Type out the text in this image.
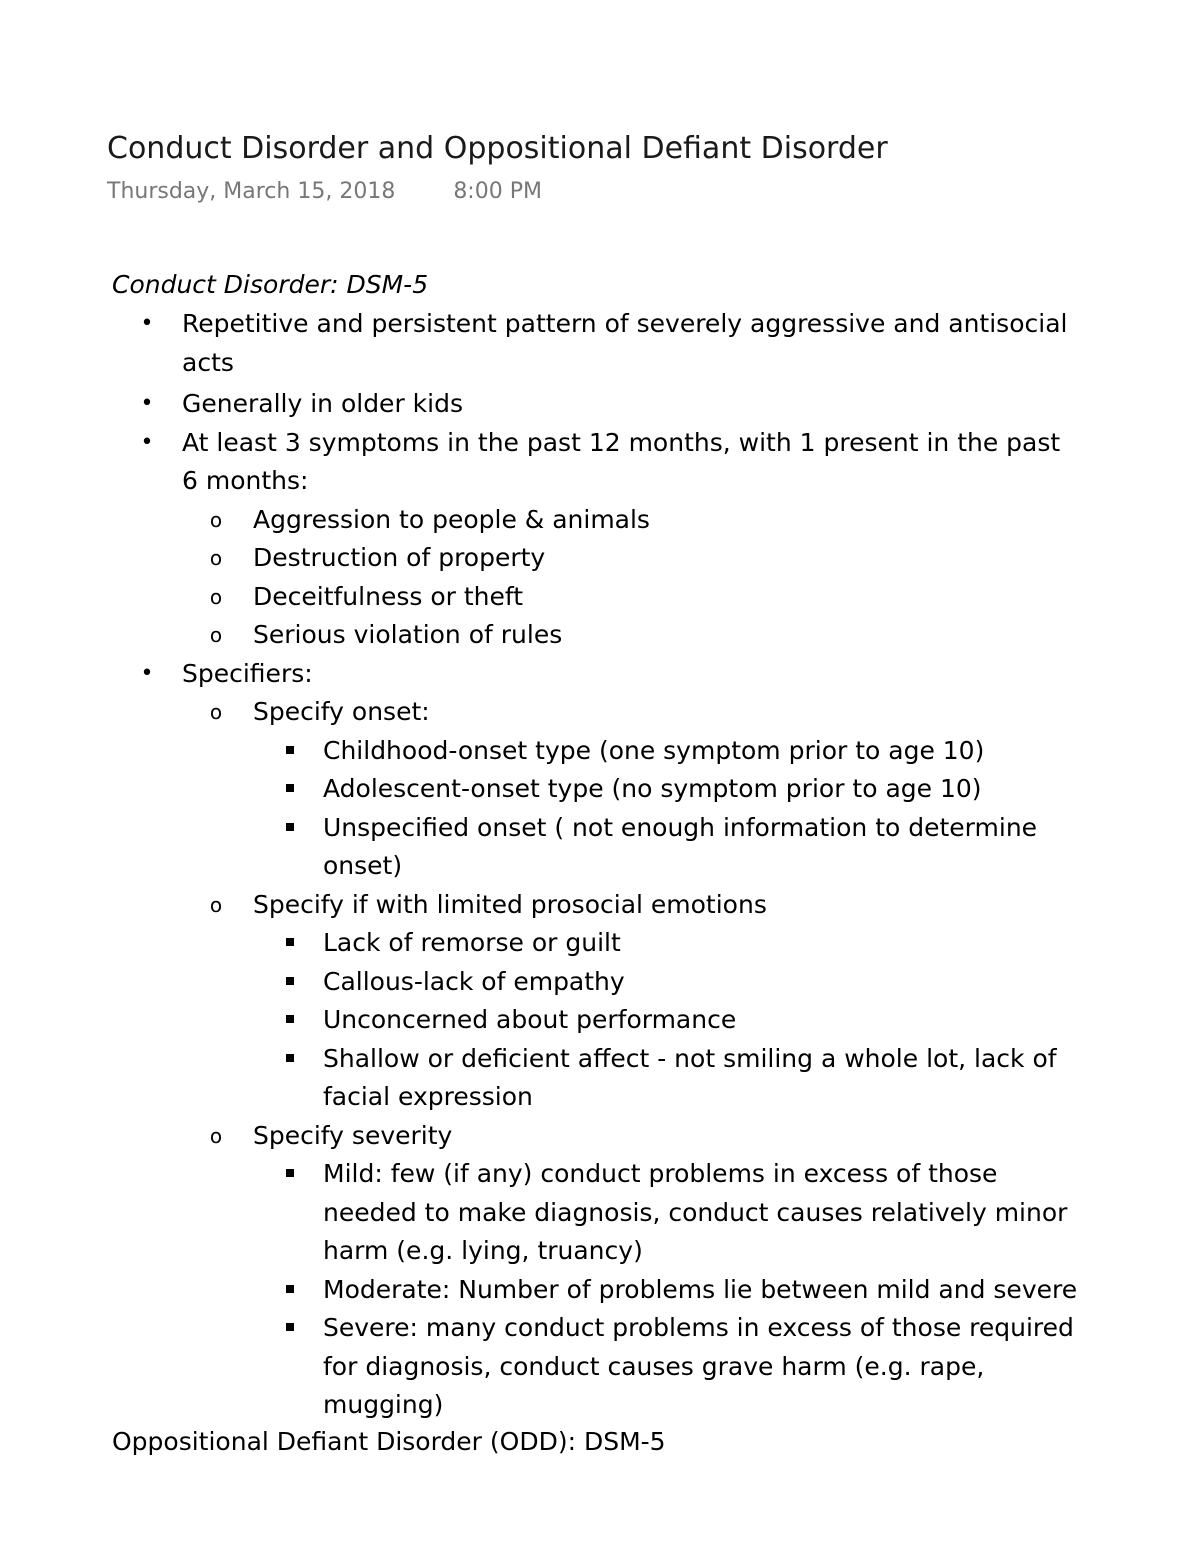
Conduct Disorder and Oppositional Defiant Disorder
Thursday, March 15, 2018	8:00 PM
Conduct Disorder: DSM-5
• Repetitive and persistent pattern of severely aggressive and antisocial acts
• Generally in older kids
• At least 3 symptoms in the past 12 months, with 1 present in the past 6 months:
o Aggression to people & animals
o Destruction of property
o Deceitfulness or theft
o Serious violation of rules
• Specifiers:
o Specify onset:
Childhood-onset type (one symptom prior to age 10)
Adolescent-onset type (no symptom prior to age 10)
Unspecified onset ( not enough information to determine onset)
o Specify if with limited prosocial emotions
Lack of remorse or guilt
Callous-lack of empathy
Unconcerned about performance
Shallow or deficient affect - not smiling a whole lot, lack of facial expression
o Specify severity
Mild: few (if any) conduct problems in excess of those needed to make diagnosis, conduct causes relatively minor harm (e.g. lying, truancy)
Moderate: Number of problems lie between mild and severe
Severe: many conduct problems in excess of those required for diagnosis, conduct causes grave harm (e.g. rape, mugging)
Oppositional Defiant Disorder (ODD): DSM-5
